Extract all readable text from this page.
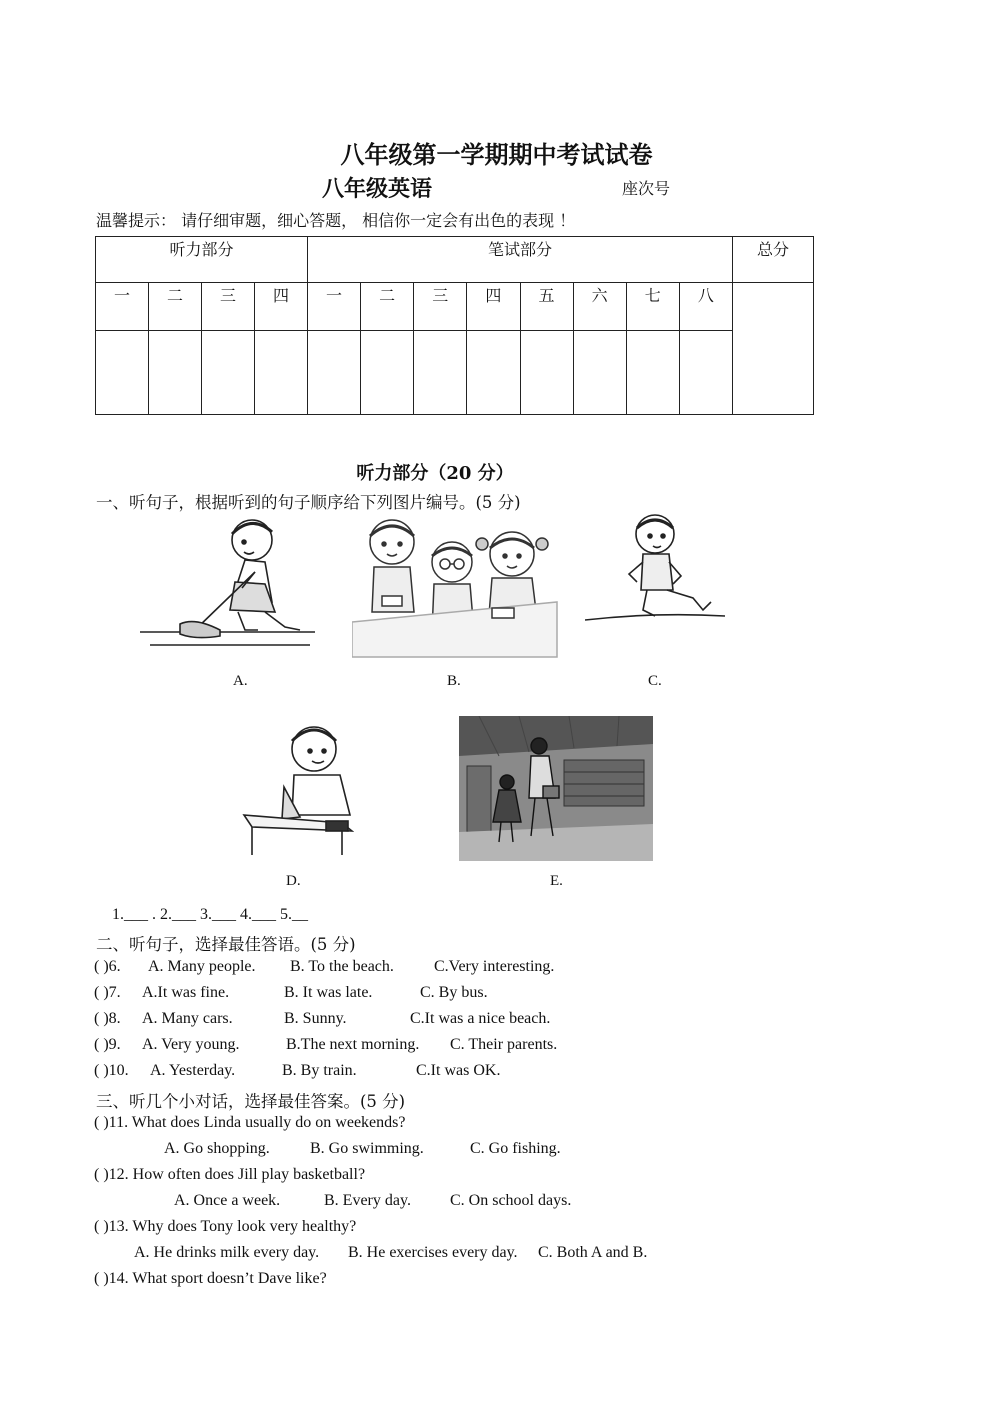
八年级第一学期期中考试试卷
八年级英语	座次号
温馨提示： 请仔细审题，细心答题， 相信你一定会有出色的表现 ！
听力部分				笔试部分								总分
一	二	三	四	一	二	三	四	五	六	七	八	

听力部分（20 分）
一、听句子，根据听到的句子顺序给下列图片编号。(5 分)
A.	B.	C.
D.	E.
1.___ . 2.___ 3.___ 4.___ 5.__
二、听句子，选择最佳答语。(5 分)
( )6. A. Many people. B. To the beach.	C.Very interesting.
( )7. A.It was fine.	B. It was late.	C. By bus.
( )8. A. Many cars.	B. Sunny.	C.It was a nice beach.
( )9. A. Very young.	B.The next morning. C. Their parents.
( )10. A. Yesterday.	B. By train.	C.It was OK.
三、听几个小对话，选择最佳答案。(5 分)
( )11. What does Linda usually do on weekends?
A. Go shopping.	B. Go swimming.	C. Go fishing.
( )12. How often does Jill play basketball?
A. Once a week.	B. Every day. C. On school days.
( )13. Why does Tony look very healthy?
A. He drinks milk every day. B. He exercises every day. C. Both A and B.
( )14. What sport doesn’t Dave like?
